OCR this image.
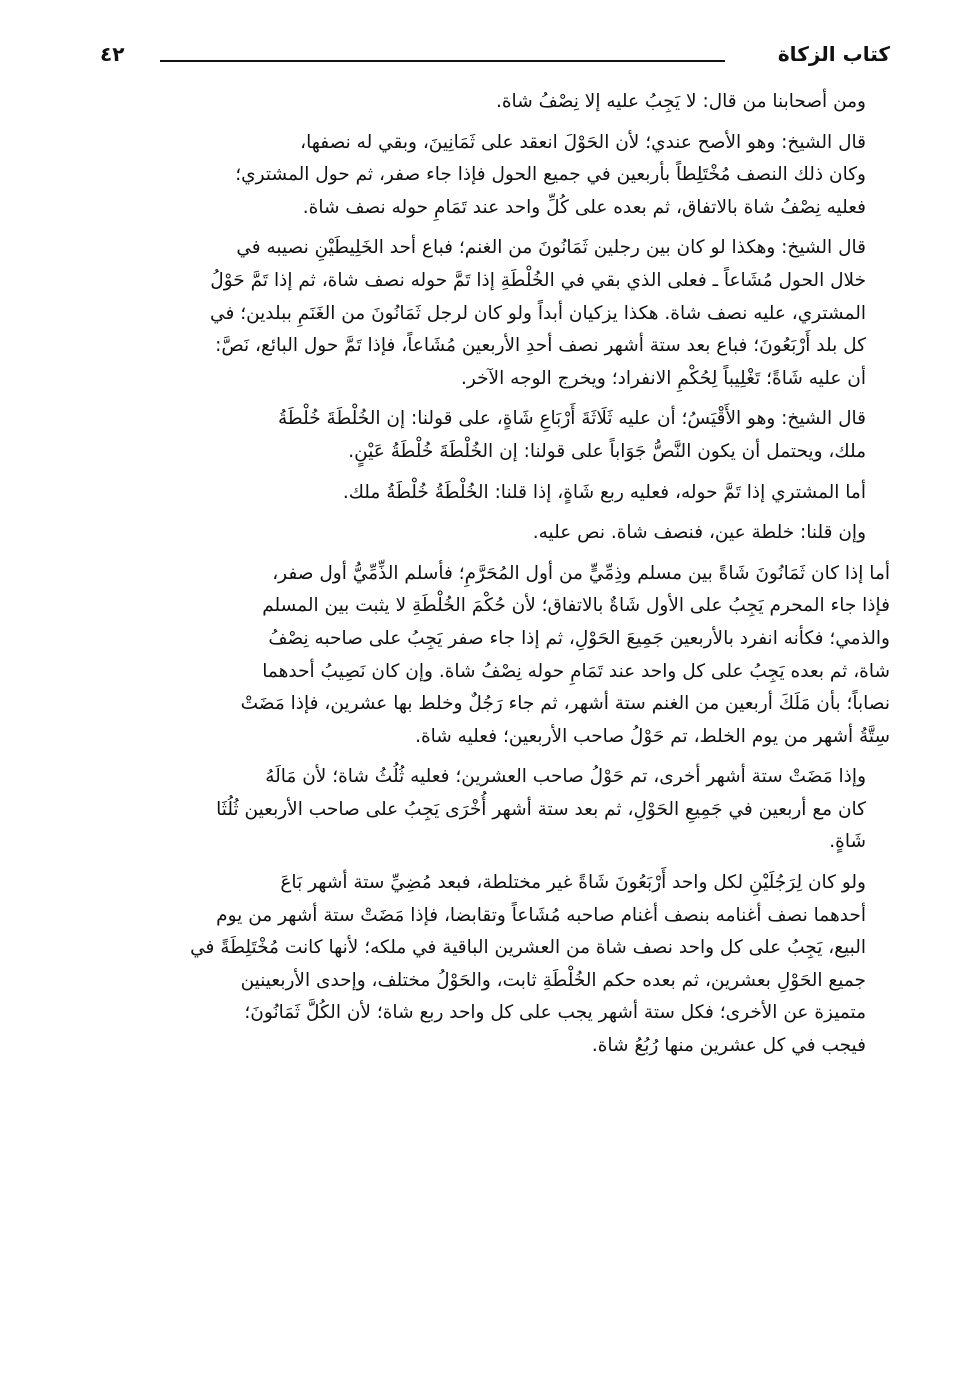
كتاب الزكاة
٤٢
ومن أصحابنا من قال: لا يَجِبُ عليه إلا نِصْفُ شاة.
قال الشيخ: وهو الأصح عندي؛ لأن الحَوْلَ انعقد على ثَمَانِينَ، وبقي له نصفها،
وكان ذلك النصف مُخْتَلِطاً بأربعين في جميع الحول فإذا جاء صفر، ثم حول المشتري؛
فعليه نِصْفُ شاة بالاتفاق، ثم بعده على كُلِّ واحد عند تَمَامِ حوله نصف شاة.
قال الشيخ: وهكذا لو كان بين رجلين ثَمَانُونَ من الغنم؛ فباع أحد الخَلِيطَيْنِ نصيبه في
خلال الحول مُشَاعاً ـ فعلى الذي بقي في الخُلْطَةِ إذا تَمَّ حوله نصف شاة، ثم إذا تَمَّ حَوْلُ
المشتري، عليه نصف شاة. هكذا يزكيان أبداً ولو كان لرجل ثَمَانُونَ من الغَنَمِ ببلدين؛ في
كل بلد أَرْبَعُونَ؛ فباع بعد ستة أشهر نصف أحدِ الأربعين مُشَاعاً، فإذا تَمَّ حول البائع، نَصَّ:
أن عليه شَاةً؛ تَغْلِيباً لِحُكْمِ الانفراد؛ ويخرج الوجه الآخر.
قال الشيخ: وهو الأَقْيَسُ؛ أن عليه ثَلَاثَةَ أَرْبَاعِ شَاةٍ، على قولنا: إن الخُلْطَةَ خُلْطَةُ
ملك، ويحتمل أن يكون النَّصُّ جَوَاباً على قولنا: إن الخُلْطَةَ خُلْطَةُ عَيْنٍ.
أما المشتري إذا تَمَّ حوله، فعليه ربع شَاةٍ، إذا قلنا: الخُلْطَةُ خُلْطَةُ ملك.
وإن قلنا: خلطة عين، فنصف شاة. نص عليه.
أما إذا كان ثَمَانُونَ شَاةً بين مسلم وذِمِّيٍّ من أول المُحَرَّمِ؛ فأسلم الذِّمِّيُّ أول صفر،
فإذا جاء المحرم يَجِبُ على الأول شَاةٌ بالاتفاق؛ لأن حُكْمَ الخُلْطَةِ لا يثبت بين المسلم
والذمي؛ فكأنه انفرد بالأربعين جَمِيعَ الحَوْلِ، ثم إذا جاء صفر يَجِبُ على صاحبه نِصْفُ
شاة، ثم بعده يَجِبُ على كل واحد عند تَمَامِ حوله نِصْفُ شاة. وإن كان نَصِيبُ أحدهما
نصاباً؛ بأن مَلَكَ أربعين من الغنم ستة أشهر، ثم جاء رَجُلٌ وخلط بها عشرين، فإذا مَضَتْ
سِتَّةُ أشهر من يوم الخلط، تم حَوْلُ صاحب الأربعين؛ فعليه شاة.
وإذا مَضَتْ ستة أشهر أخرى، تم حَوْلُ صاحب العشرين؛ فعليه ثُلُثُ شاة؛ لأن مَالَهُ
كان مع أربعين في جَمِيعِ الحَوْلِ، ثم بعد ستة أشهر أُخْرَى يَجِبُ على صاحب الأربعين ثُلُثَا
شَاةٍ.
ولو كان لِرَجُلَيْنِ لكل واحد أَرْبَعُونَ شَاةً غير مختلطة، فبعد مُضِيِّ ستة أشهر بَاعَ
أحدهما نصف أغنامه بنصف أغنام صاحبه مُشَاعاً وتقابضا، فإذا مَضَتْ ستة أشهر من يوم
البيع، يَجِبُ على كل واحد نصف شاة من العشرين الباقية في ملكه؛ لأنها كانت مُخْتَلِطَةً في
جميع الحَوْلِ بعشرين، ثم بعده حكم الخُلْطَةِ ثابت، والحَوْلُ مختلف، وإحدى الأربعينين
متميزة عن الأخرى؛ فكل ستة أشهر يجب على كل واحد ربع شاة؛ لأن الكُلَّ ثَمَانُونَ؛
فيجب في كل عشرين منها رُبُعُ شاة.
